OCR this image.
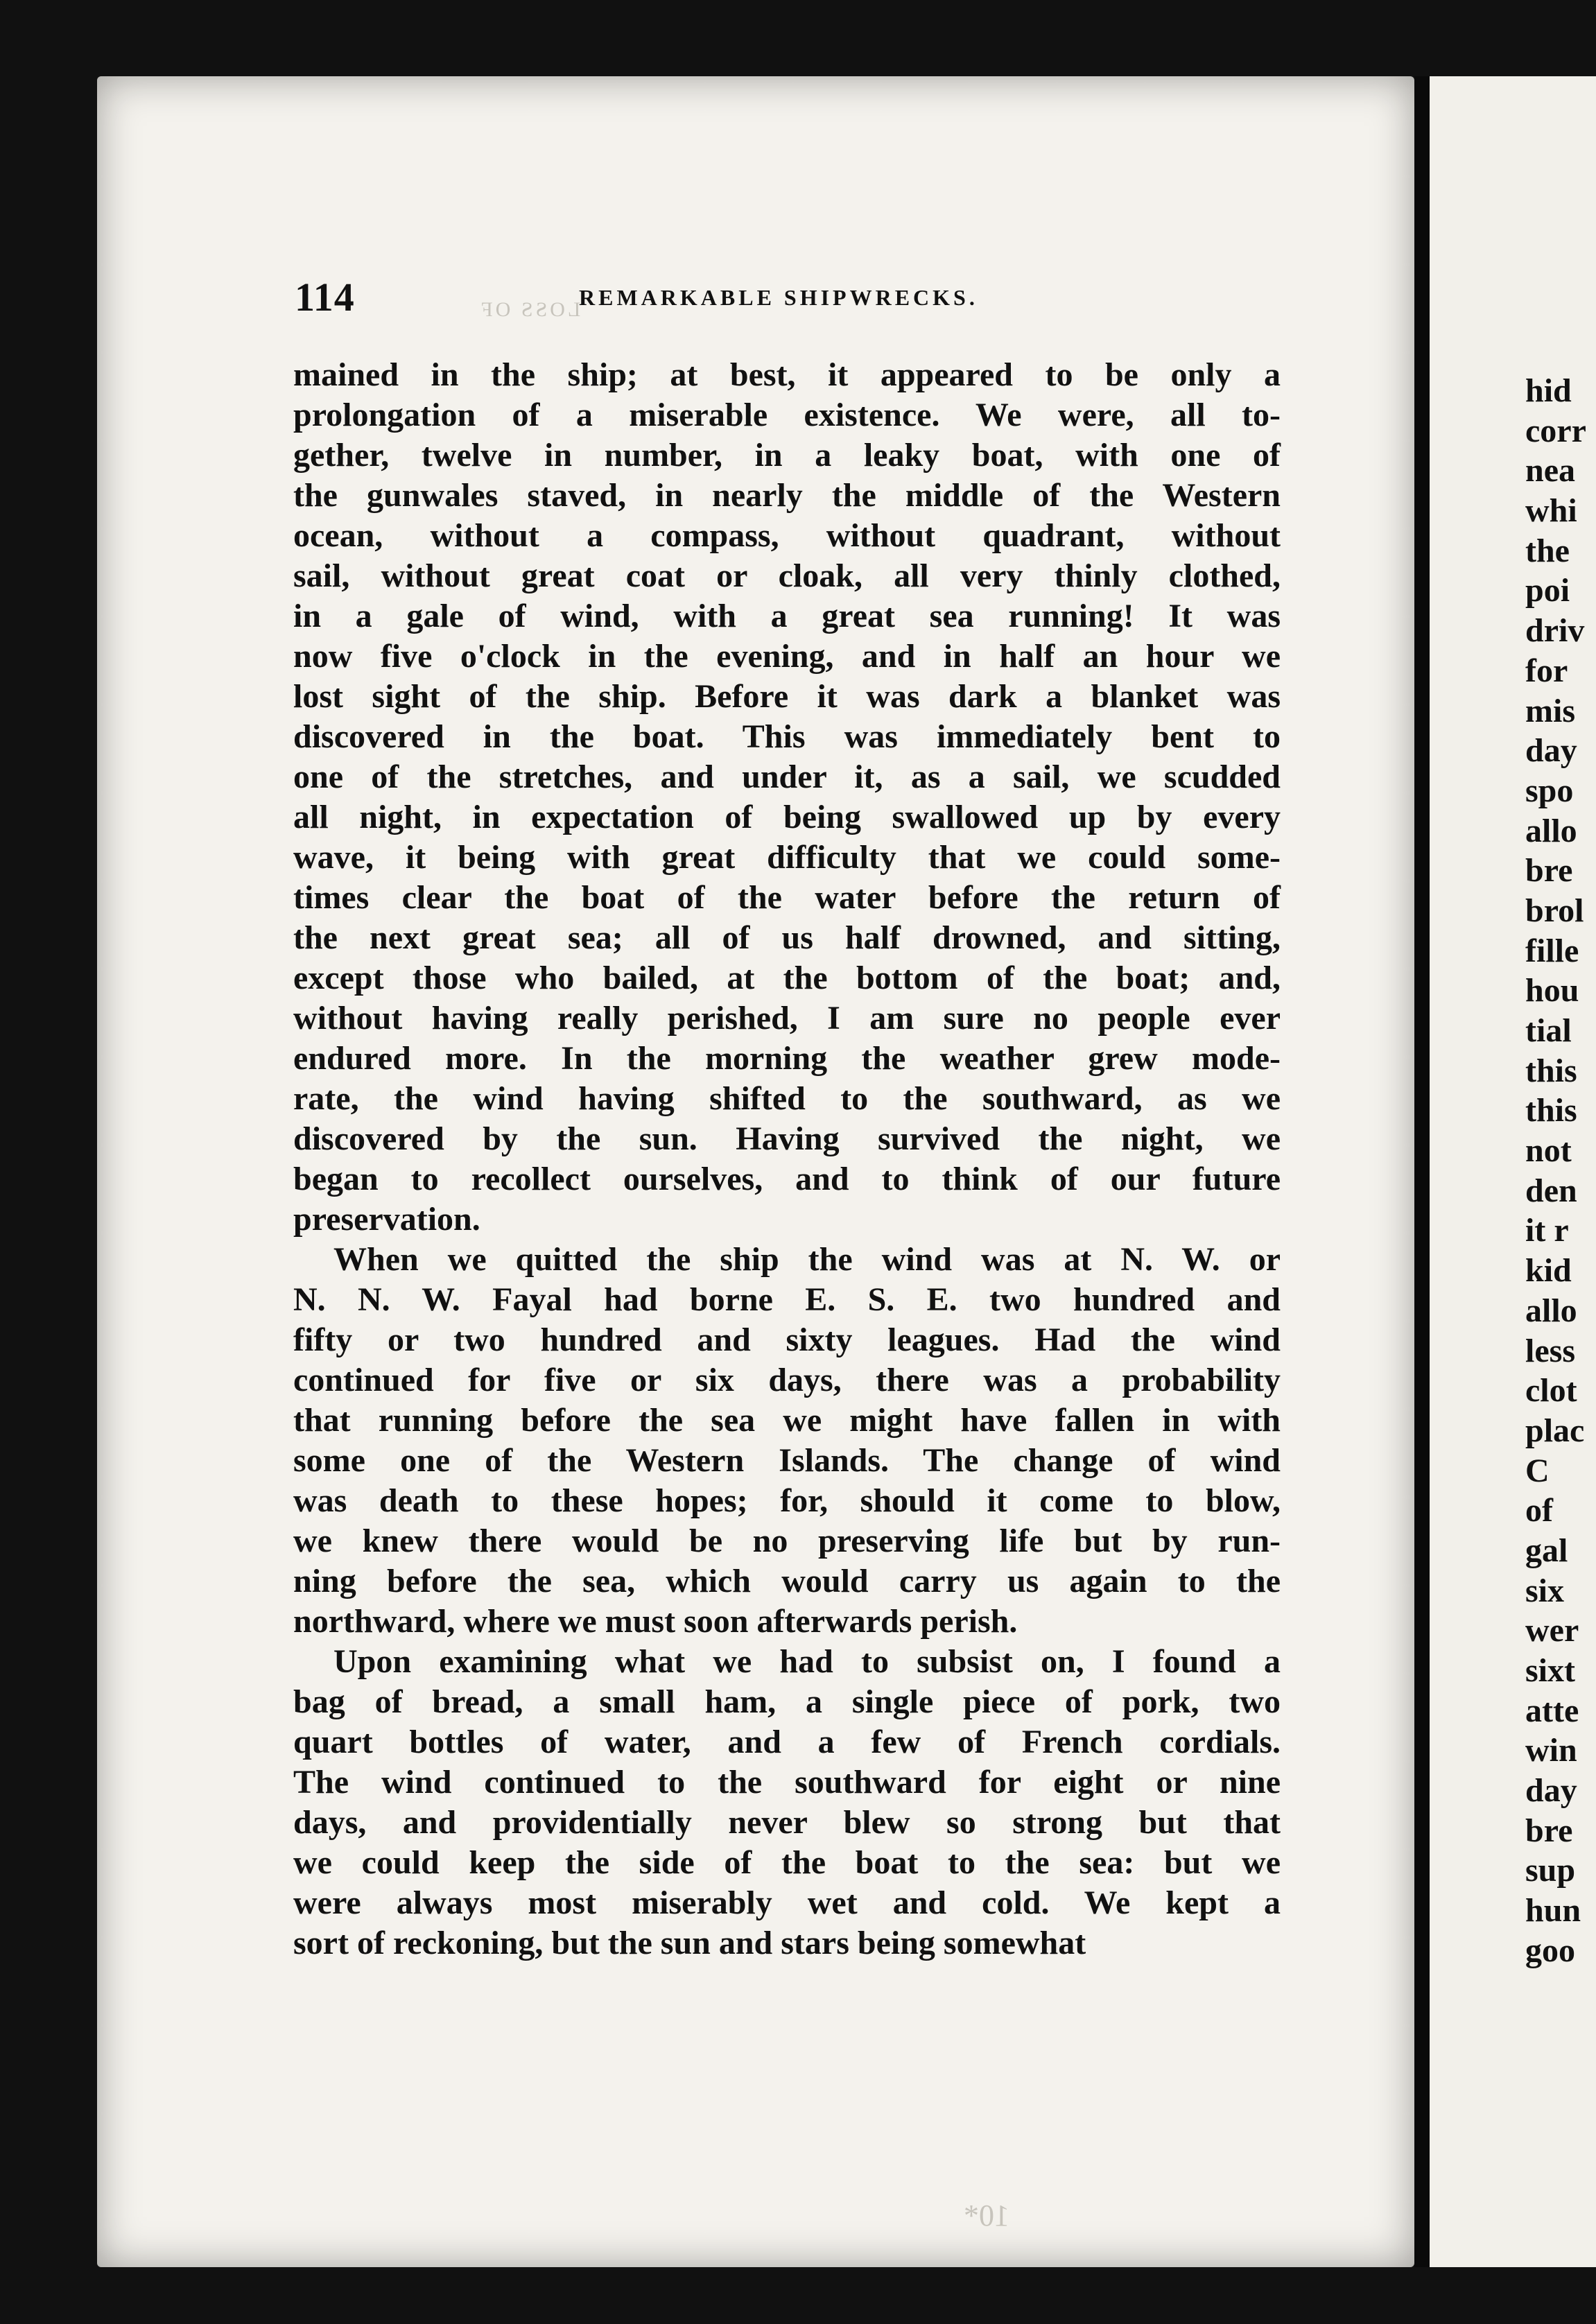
114	REMARKABLE SHIPWRECKS.
LOSS OF

mained in the ship; at best, it appeared to be only a

prolongation of a miserable existence. We were, all to-

gether, twelve in number, in a leaky boat, with one of

the gunwales staved, in nearly the middle of the Western

ocean, without a compass, without quadrant, without

sail, without great coat or cloak, all very thinly clothed,

in a gale of wind, with a great sea running! It was

now five o'clock in the evening, and in half an hour we

lost sight of the ship. Before it was dark a blanket was

discovered in the boat. This was immediately bent to

one of the stretches, and under it, as a sail, we scudded

all night, in expectation of being swallowed up by every

wave, it being with great difficulty that we could some-

times clear the boat of the water before the return of

the next great sea; all of us half drowned, and sitting,

except those who bailed, at the bottom of the boat; and,

without having really perished, I am sure no people ever

endured more. In the morning the weather grew mode-

rate, the wind having shifted to the southward, as we

discovered by the sun. Having survived the night, we

began to recollect ourselves, and to think of our future

preservation.

When we quitted the ship the wind was at N. W. or

N. N. W. Fayal had borne E. S. E. two hundred and

fifty or two hundred and sixty leagues. Had the wind

continued for five or six days, there was a probability

that running before the sea we might have fallen in with

some one of the Western Islands. The change of wind

was death to these hopes; for, should it come to blow,

we knew there would be no preserving life but by run-

ning before the sea, which would carry us again to the

northward, where we must soon afterwards perish.

Upon examining what we had to subsist on, I found a

bag of bread, a small ham, a single piece of pork, two

quart bottles of water, and a few of French cordials.

The wind continued to the southward for eight or nine

days, and providentially never blew so strong but that

we could keep the side of the boat to the sea: but we

were always most miserably wet and cold. We kept a

sort of reckoning, but the sun and stars being somewhat

10*
hid
corr
nea
whi
the
poi
driv
for
mis
day
spo
allo
bre
brol
fille
hou
tial
this
this
not
den
it r
kid
allo
less
clot
plac
C
of
gal
six
wer
sixt
atte
win
day
bre
sup
hun
goo
